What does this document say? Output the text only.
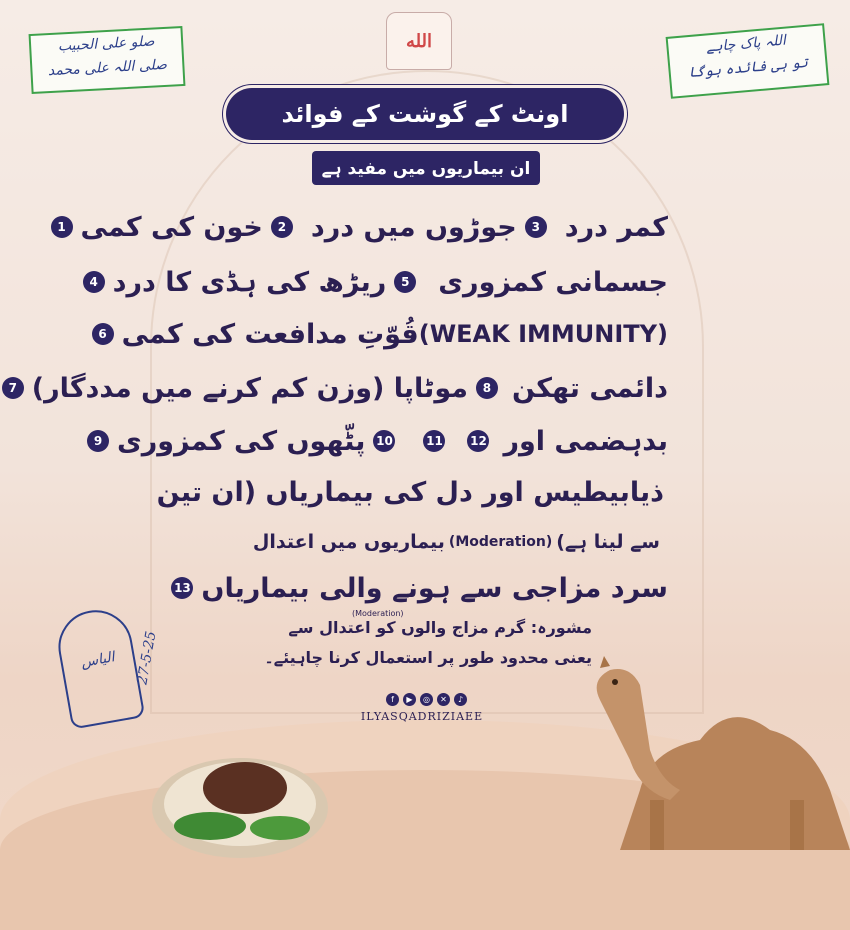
صلو علی الحبیب
صلی اللہ علی محمد
اللہ پاک چاہے
تو ہی فائدہ ہوگا
الله
اونٹ کے گوشت کے فوائد
ان بیماریوں میں مفید ہے
1 خون کی کمی	2 جوڑوں میں درد	3 کمر درد
4 ریڑھ کی ہڈی کا درد	5 جسمانی کمزوری
6 قُوّتِ مدافعت کی کمی (WEAK IMMUNITY)
7 موٹاپا (وزن کم کرنے میں مددگار)	8 دائمی تھکن
9 پٹّھوں کی کمزوری 10	11 12 بدہضمی اور
ذیابیطیس اور دل کی بیماریاں (ان تین
بیماریوں میں اعتدال (Moderation) سے لینا ہے)
13 سرد مزاجی سے ہونے والی بیماریاں
(Moderation)
مشورہ: گرم مزاج والوں کو اعتدال سے
یعنی محدود طور پر استعمال کرنا چاہیئے۔
f	▶	◎	✕	♪
ILYASQADRIZIAEE
الیاس	27-5-25
